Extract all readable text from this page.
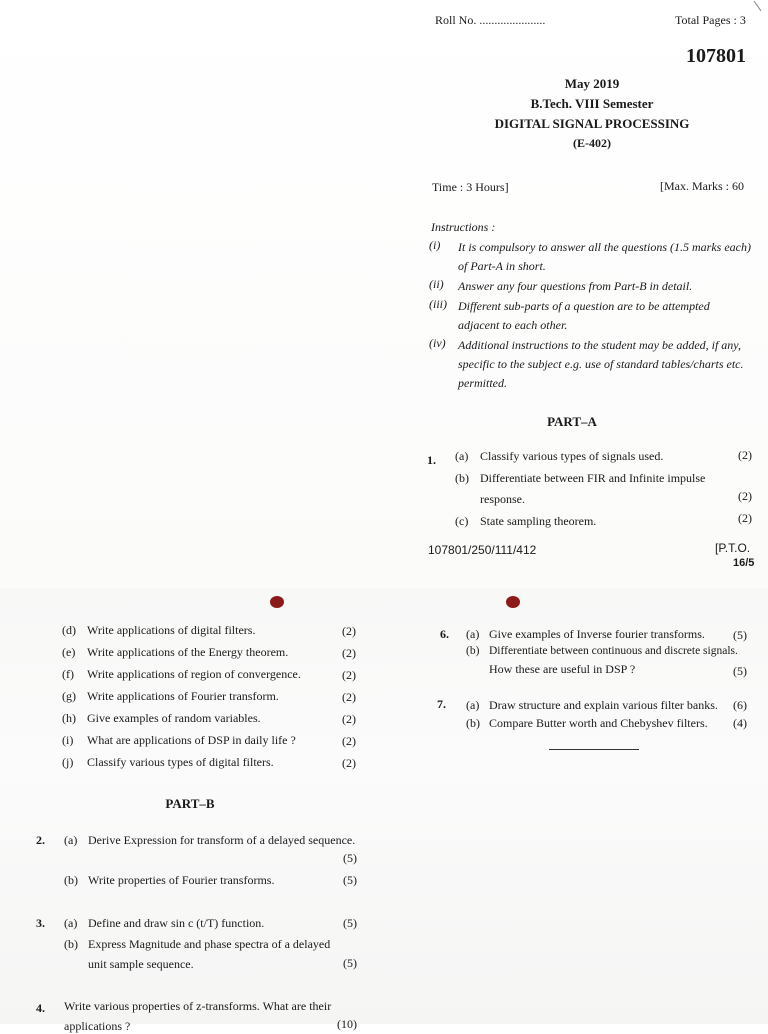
Roll No. ......................	Total Pages : 3
107801
May 2019
B.Tech. VIII Semester
DIGITAL SIGNAL PROCESSING
(E-402)
Time : 3 Hours]	[Max. Marks : 60
Instructions :
(i) It is compulsory to answer all the questions (1.5 marks each) of Part-A in short.
(ii) Answer any four questions from Part-B in detail.
(iii) Different sub-parts of a question are to be attempted adjacent to each other.
(iv) Additional instructions to the student may be added, if any, specific to the subject e.g. use of standard tables/charts etc. permitted.
PART–A
1. (a) Classify various types of signals used.	(2)
(b) Differentiate between FIR and Infinite impulse
response.	(2)
(c) State sampling theorem.	(2)
107801/250/111/412	[P.T.O.
16/5
(d) Write applications of digital filters.	(2)
(e) Write applications of the Energy theorem.	(2)
(f) Write applications of region of convergence.	(2)
(g) Write applications of Fourier transform.	(2)
(h) Give examples of random variables.	(2)
(i) What are applications of DSP in daily life ?	(2)
(j) Classify various types of digital filters.	(2)
PART–B
2. (a) Derive Expression for transform of a delayed sequence.
(5)
(b) Write properties of Fourier transforms.	(5)
3. (a) Define and draw sin c (t/T) function.	(5)
(b) Express Magnitude and phase spectra of a delayed
unit sample sequence.	(5)
4. Write various properties of z-transforms. What are their
applications ?	(10)
6. (a) Give examples of Inverse fourier transforms. (5)
(b) Differentiate between continuous and discrete signals.
How these are useful in DSP ?	(5)
7. (a) Draw structure and explain various filter banks. (6)
(b) Compare Butter worth and Chebyshev filters. (4)
